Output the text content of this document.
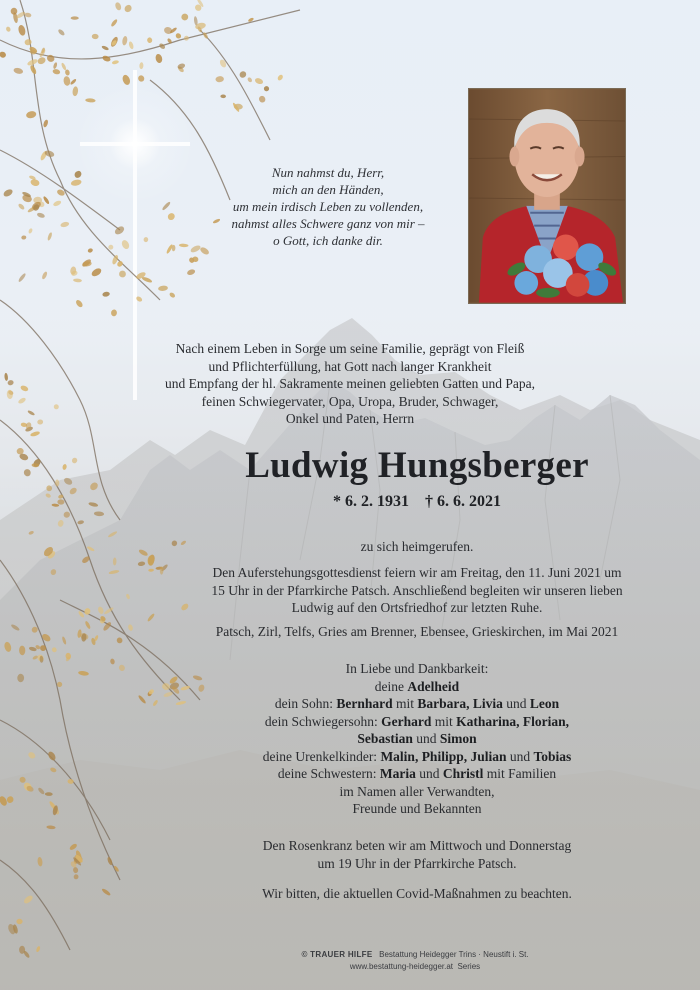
Nun nahmst du, Herr,
mich an den Händen,
um mein irdisch Leben zu vollenden,
nahmst alles Schwere ganz von mir –
o Gott, ich danke dir.
Nach einem Leben in Sorge um seine Familie, geprägt von Fleiß
und Pflichterfüllung, hat Gott nach langer Krankheit
und Empfang der hl. Sakramente meinen geliebten Gatten und Papa,
feinen Schwiegervater, Opa, Uropa, Bruder, Schwager,
Onkel und Paten, Herrn
Ludwig Hungsberger
* 6. 2. 1931 † 6. 6. 2021
zu sich heimgerufen.
Den Auferstehungsgottesdienst feiern wir am Freitag, den 11. Juni 2021 um
15 Uhr in der Pfarrkirche Patsch. Anschließend begleiten wir unseren lieben
Ludwig auf den Ortsfriedhof zur letzten Ruhe.
Patsch, Zirl, Telfs, Gries am Brenner, Ebensee, Grieskirchen, im Mai 2021
In Liebe und Dankbarkeit:
deine Adelheid
dein Sohn: Bernhard mit Barbara, Livia und Leon
dein Schwiegersohn: Gerhard mit Katharina, Florian,
Sebastian und Simon
deine Urenkelkinder: Malin, Philipp, Julian und Tobias
deine Schwestern: Maria und Christl mit Familien
im Namen aller Verwandten,
Freunde und Bekannten
Den Rosenkranz beten wir am Mittwoch und Donnerstag
um 19 Uhr in der Pfarrkirche Patsch.
Wir bitten, die aktuellen Covid-Maßnahmen zu beachten.
© TRAUER HILFE Bestattung Heidegger Trins · Neustift i. St.
www.bestattung-heidegger.at Series
